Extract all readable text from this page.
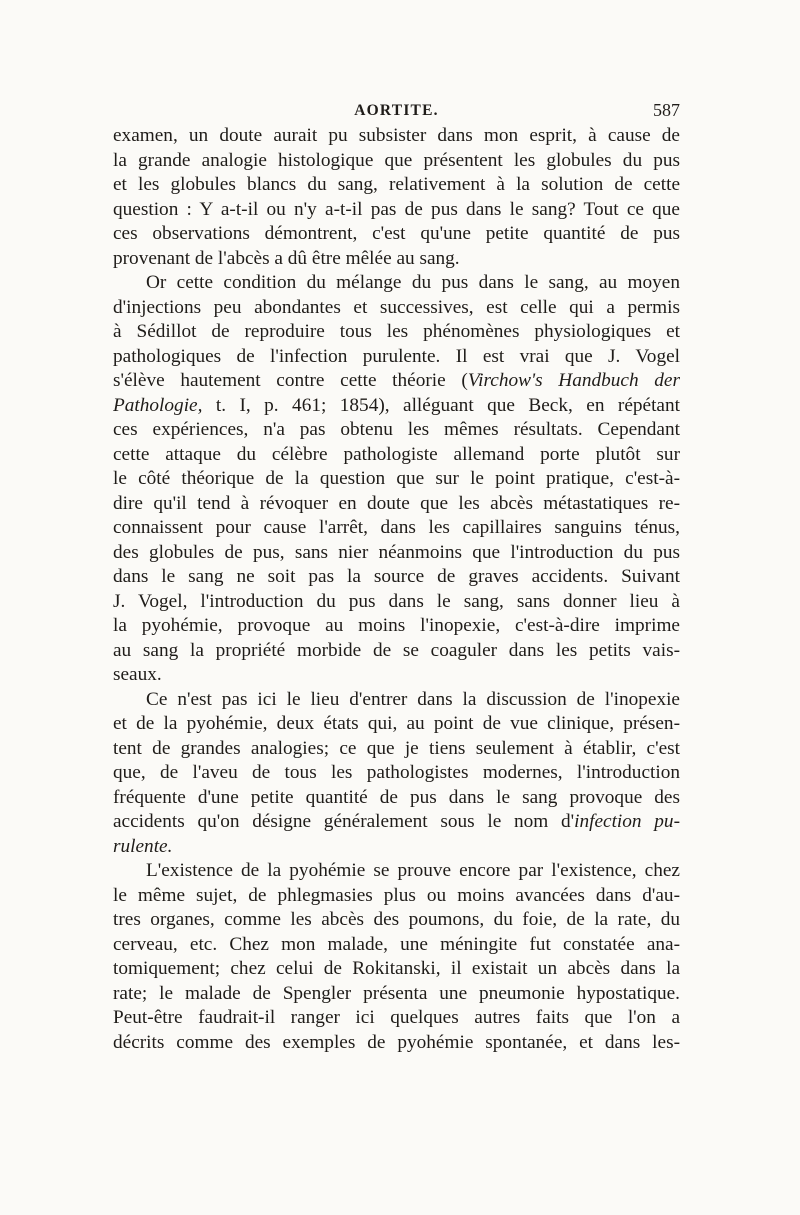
AORTITE.	587
examen, un doute aurait pu subsister dans mon esprit, à cause de
la grande analogie histologique que présentent les globules du pus
et les globules blancs du sang, relativement à la solution de cette
question : Y a-t-il ou n'y a-t-il pas de pus dans le sang? Tout ce que
ces observations démontrent, c'est qu'une petite quantité de pus
provenant de l'abcès a dû être mêlée au sang.
Or cette condition du mélange du pus dans le sang, au moyen
d'injections peu abondantes et successives, est celle qui a permis
à Sédillot de reproduire tous les phénomènes physiologiques et
pathologiques de l'infection purulente. Il est vrai que J. Vogel
s'élève hautement contre cette théorie (Virchow's Handbuch der
Pathologie, t. I, p. 461; 1854), alléguant que Beck, en répétant
ces expériences, n'a pas obtenu les mêmes résultats. Cependant
cette attaque du célèbre pathologiste allemand porte plutôt sur
le côté théorique de la question que sur le point pratique, c'est-à-
dire qu'il tend à révoquer en doute que les abcès métastatiques re-
connaissent pour cause l'arrêt, dans les capillaires sanguins ténus,
des globules de pus, sans nier néanmoins que l'introduction du pus
dans le sang ne soit pas la source de graves accidents. Suivant
J. Vogel, l'introduction du pus dans le sang, sans donner lieu à
la pyohémie, provoque au moins l'inopexie, c'est-à-dire imprime
au sang la propriété morbide de se coaguler dans les petits vais-
seaux.
Ce n'est pas ici le lieu d'entrer dans la discussion de l'inopexie
et de la pyohémie, deux états qui, au point de vue clinique, présen-
tent de grandes analogies; ce que je tiens seulement à établir, c'est
que, de l'aveu de tous les pathologistes modernes, l'introduction
fréquente d'une petite quantité de pus dans le sang provoque des
accidents qu'on désigne généralement sous le nom d'infection pu-
rulente.
L'existence de la pyohémie se prouve encore par l'existence, chez
le même sujet, de phlegmasies plus ou moins avancées dans d'au-
tres organes, comme les abcès des poumons, du foie, de la rate, du
cerveau, etc. Chez mon malade, une méningite fut constatée ana-
tomiquement; chez celui de Rokitanski, il existait un abcès dans la
rate; le malade de Spengler présenta une pneumonie hypostatique.
Peut-être faudrait-il ranger ici quelques autres faits que l'on a
décrits comme des exemples de pyohémie spontanée, et dans les-
